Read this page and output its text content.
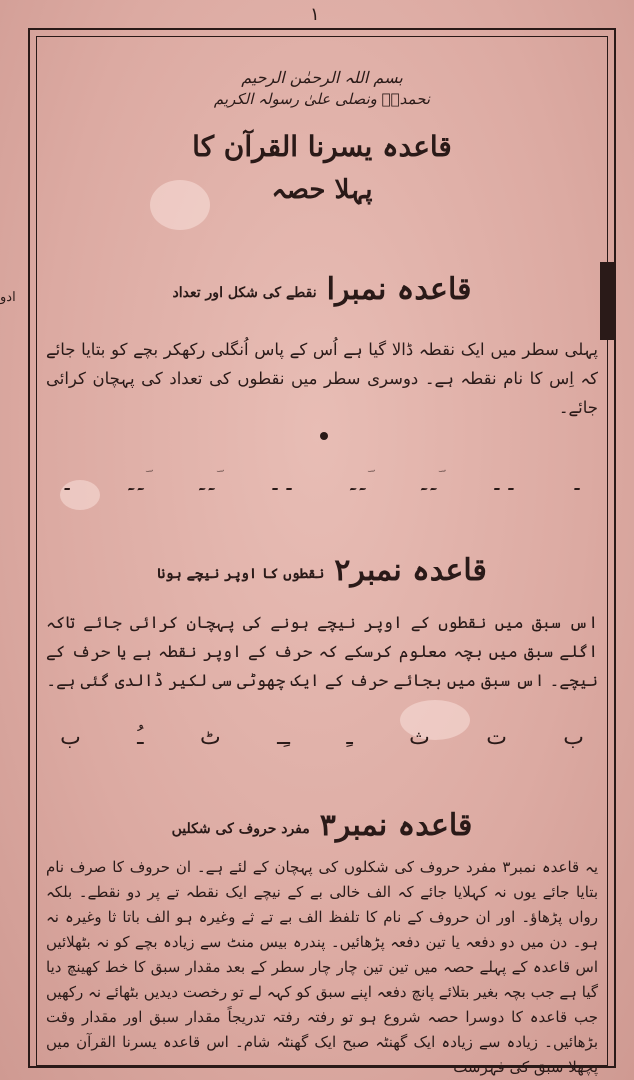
۱
بسم اللہ الرحمٰن الرحیم
نحمدہٗ ونصلی علیٰ رسولہ الکریم
قاعدہ یسرنا القرآن کا
پہلا حصہ
ادو	قاعدہ نمبرا
نقطے کی شکل اور تعداد
پہلی سطر میں ایک نقطہ ڈالا گیا ہے اُس کے پاس اُنگلی رکھکر بچے کو بتایا جائے کہ اِس کا نام نقطہ ہے۔ دوسری سطر میں نقطوں کی تعداد کی پہچان کرائی جائے۔
۔
۔۔
ؔ۔۔
ؔ۔۔
۔۔
ؔ۔۔
ؔ۔۔
۔
قاعدہ نمبر۲
نقطوں کا اوپر نیچے ہونا
اس سبق میں نقطوں کے اوپر نیچے ہونے کی پہچان کرائی جائے تاکہ اگلے سبق میں بچہ معلوم کرسکے کہ حرف کے اوپر نقطہ ہے یا حرف کے نیچے۔ اس سبق میں بجائے حرف کے ایک چھوٹی سی لکیر ڈالدی گئی ہے۔
ب
ت
ث
ـِ
ـِـ
ٹ
ـُ
ب
قاعدہ نمبر۳
مفرد حروف کی شکلیں
یہ قاعدہ نمبر۳ مفرد حروف کی شکلوں کی پہچان کے لئے ہے۔ ان حروف کا صرف نام بتایا جائے یوں نہ کہلایا جائے کہ الف خالی بے کے نیچے ایک نقطہ تے پر دو نقطے۔ بلکہ رواں پڑھاؤ۔ اور ان حروف کے نام کا تلفظ الف بے تے ثے وغیرہ ہو الف باتا ثا وغیرہ نہ ہو۔ دن میں دو دفعہ یا تین دفعہ پڑھائیں۔ پندرہ بیس منٹ سے زیادہ بچے کو نہ بٹھلائیں اس قاعدہ کے پہلے حصہ میں تین تین چار چار سطر کے بعد مقدار سبق کا خط کھینچ دیا گیا ہے جب بچہ بغیر بتلائے پانچ دفعہ اپنے سبق کو کہہ لے تو رخصت دیدیں بٹھائے نہ رکھیں جب قاعدہ کا دوسرا حصہ شروع ہو تو رفتہ رفتہ تدریجاً مقدار سبق اور مقدار وقت بڑھائیں۔ زیادہ سے زیادہ ایک گھنٹہ صبح ایک گھنٹہ شام۔ اس قاعدہ یسرنا القرآن میں پچھلا سبق کی فہرست
